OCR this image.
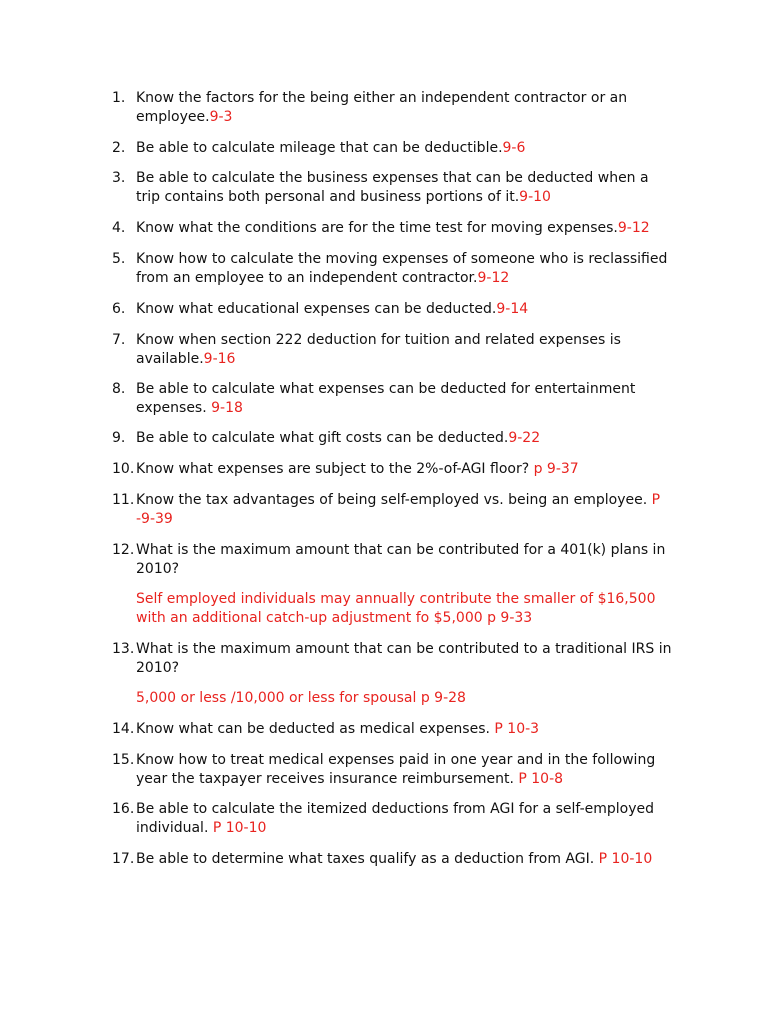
1. Know the factors for the being either an independent contractor or an employee.9-3
2. Be able to calculate mileage that can be deductible.9-6
3. Be able to calculate the business expenses that can be deducted when a trip contains both personal and business portions of it.9-10
4. Know what the conditions are for the time test for moving expenses.9-12
5. Know how to calculate the moving expenses of someone who is reclassified from an employee to an independent contractor.9-12
6. Know what educational expenses can be deducted.9-14
7. Know when section 222 deduction for tuition and related expenses is available.9-16
8. Be able to calculate what expenses can be deducted for entertainment expenses. 9-18
9. Be able to calculate what gift costs can be deducted.9-22
10. Know what expenses are subject to the 2%-of-AGI floor? p 9-37
11. Know the tax advantages of being self-employed vs. being an employee. P -9-39
12. What is the maximum amount that can be contributed for a 401(k) plans in 2010?
Self employed individuals may annually contribute the smaller of $16,500 with an additional catch-up adjustment fo $5,000 p 9-33
13. What is the maximum amount that can be contributed to a traditional IRS in 2010?
5,000 or less /10,000 or less for spousal p 9-28
14. Know what can be deducted as medical expenses. P 10-3
15. Know how to treat medical expenses paid in one year and in the following year the taxpayer receives insurance reimbursement. P 10-8
16. Be able to calculate the itemized deductions from AGI for a self-employed individual. P 10-10
17. Be able to determine what taxes qualify as a deduction from AGI. P 10-10
